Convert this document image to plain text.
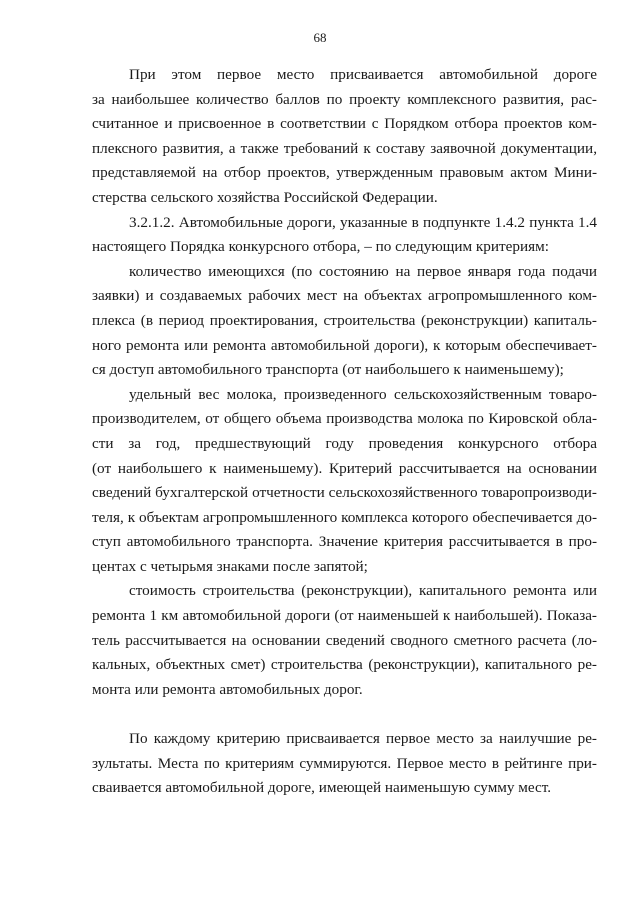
68
При этом первое место присваивается автомобильной дороге
за наибольшее количество баллов по проекту комплексного развития, рас-
считанное и присвоенное в соответствии с Порядком отбора проектов ком-
плексного развития, а также требований к составу заявочной документации,
представляемой на отбор проектов, утвержденным правовым актом Мини-
стерства сельского хозяйства Российской Федерации.
3.2.1.2. Автомобильные дороги, указанные в подпункте 1.4.2 пункта 1.4
настоящего Порядка конкурсного отбора, – по следующим критериям:
количество имеющихся (по состоянию на первое января года подачи
заявки) и создаваемых рабочих мест на объектах агропромышленного ком-
плекса (в период проектирования, строительства (реконструкции) капиталь-
ного ремонта или ремонта автомобильной дороги), к которым обеспечивает-
ся доступ автомобильного транспорта (от наибольшего к наименьшему);
удельный вес молока, произведенного сельскохозяйственным товаро-
производителем, от общего объема производства молока по Кировской обла-
сти за год, предшествующий году проведения конкурсного отбора
(от наибольшего к наименьшему). Критерий рассчитывается на основании
сведений бухгалтерской отчетности сельскохозяйственного товаропроизводи-
теля, к объектам агропромышленного комплекса которого обеспечивается до-
ступ автомобильного транспорта. Значение критерия рассчитывается в про-
центах с четырьмя знаками после запятой;
стоимость строительства (реконструкции), капитального ремонта или
ремонта 1 км автомобильной дороги (от наименьшей к наибольшей). Показа-
тель рассчитывается на основании сведений сводного сметного расчета (ло-
кальных, объектных смет) строительства (реконструкции), капитального ре-
монта или ремонта автомобильных дорог.
По каждому критерию присваивается первое место за наилучшие ре-
зультаты. Места по критериям суммируются. Первое место в рейтинге при-
сваивается автомобильной дороге, имеющей наименьшую сумму мест.
